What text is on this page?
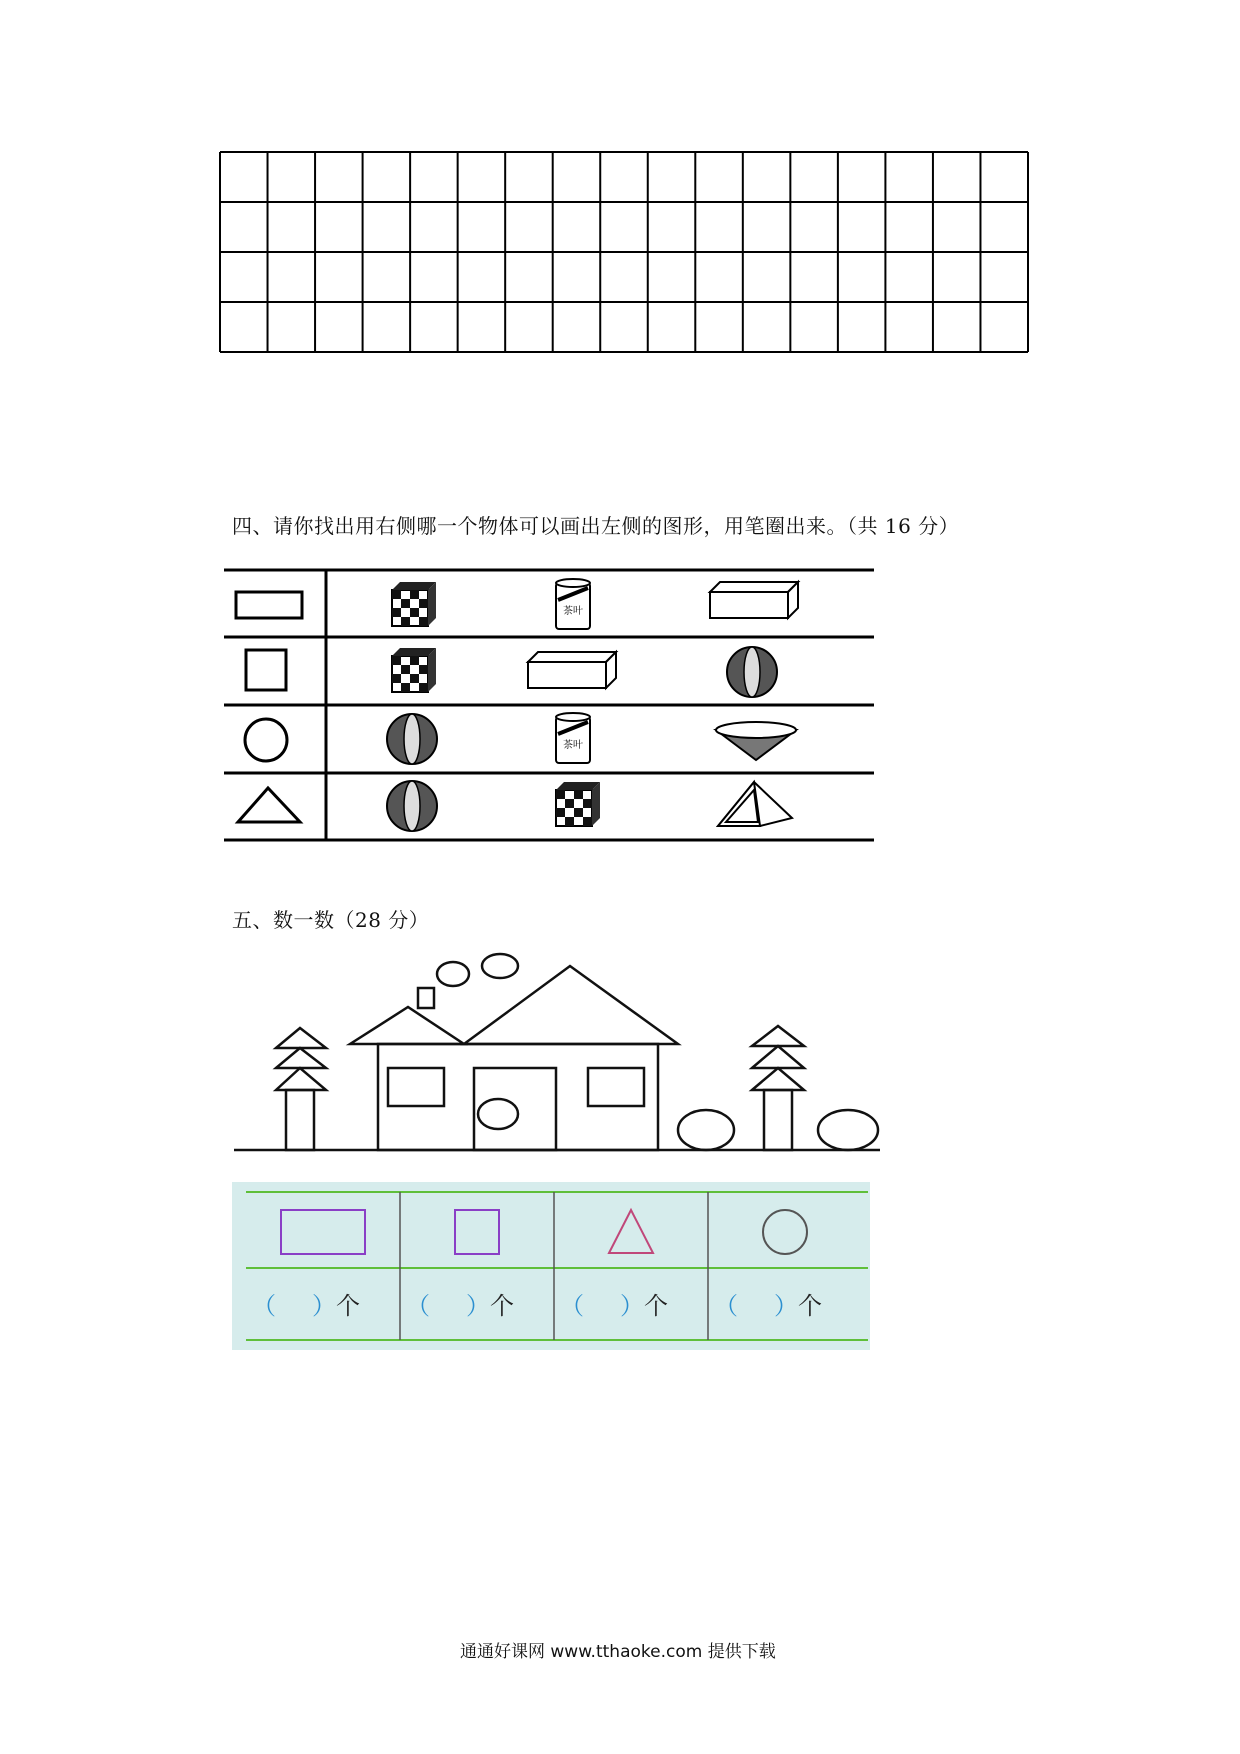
四、请你找出用右侧哪一个物体可以画出左侧的图形，用笔圈出来。（共 16 分）
茶叶
茶叶
五、数一数（28 分）
（ ）个 （ ）个 （ ）个 （ ）个
通通好课网 www.tthaoke.com 提供下载
